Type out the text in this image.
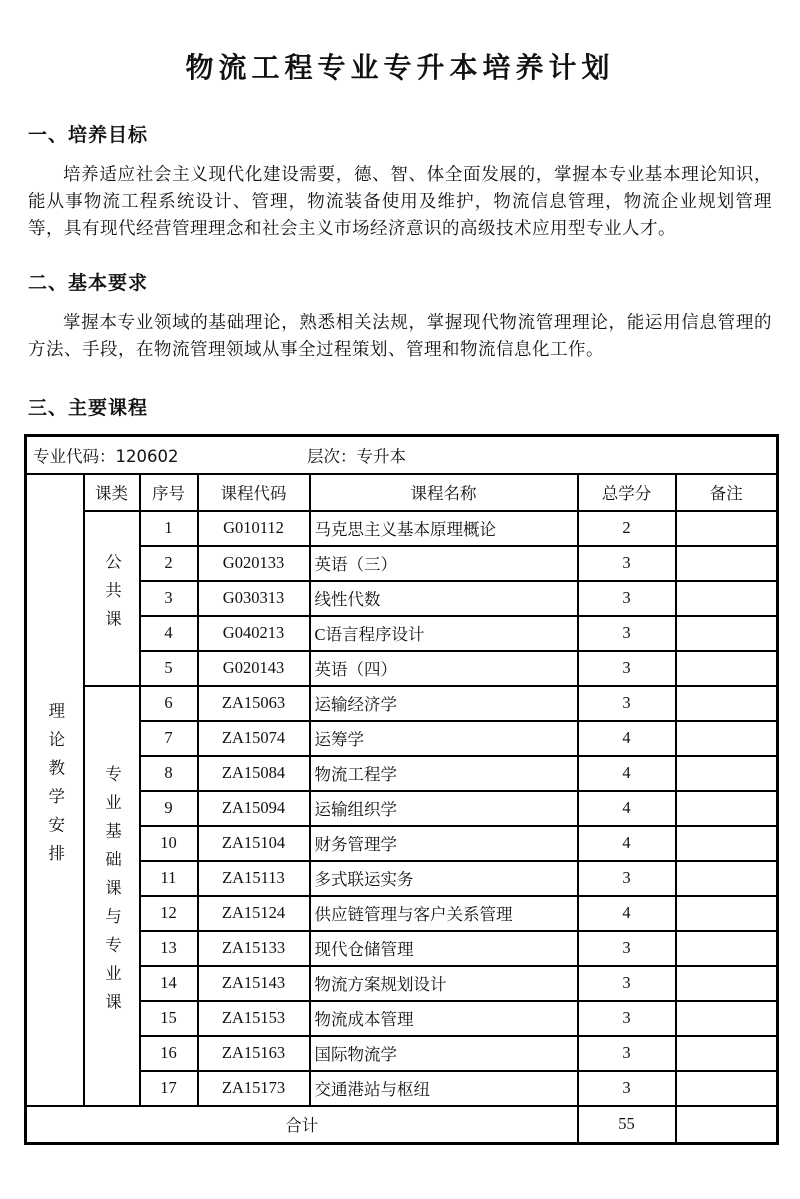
物流工程专业专升本培养计划
一、培养目标

培养适应社会主义现代化建设需要，德、智、体全面发展的，掌握本专业基本理论知识，能从事物流工程系统设计、管理，物流装备使用及维护，物流信息管理，物流企业规划管理等，具有现代经营管理理念和社会主义市场经济意识的高级技术应用型专业人才。

二、基本要求

掌握本专业领域的基础理论，熟悉相关法规，掌握现代物流管理理论，能运用信息管理的方法、手段，在物流管理领域从事全过程策划、管理和物流信息化工作。

三、主要课程
专业代码：120602 层次：专升本						

理论教学安排	课类	序号	课程代码	课程名称	总学分	备注
	公共课	1	G010112	马克思主义基本原理概论	2	
		2	G020133	英语（三）	3	
		3	G030313	线性代数	3	
		4	G040213	C语言程序设计	3	
		5	G020143	英语（四）	3	
	专业基础课与专业课	6	ZA15063	运输经济学	3	
		7	ZA15074	运筹学	4	
		8	ZA15084	物流工程学	4	
		9	ZA15094	运输组织学	4	
		10	ZA15104	财务管理学	4	
		11	ZA15113	多式联运实务	3	
		12	ZA15124	供应链管理与客户关系管理	4	
		13	ZA15133	现代仓储管理	3	
		14	ZA15143	物流方案规划设计	3	
		15	ZA15153	物流成本管理	3	
		16	ZA15163	国际物流学	3	
		17	ZA15173	交通港站与枢纽	3	
合计					55	
